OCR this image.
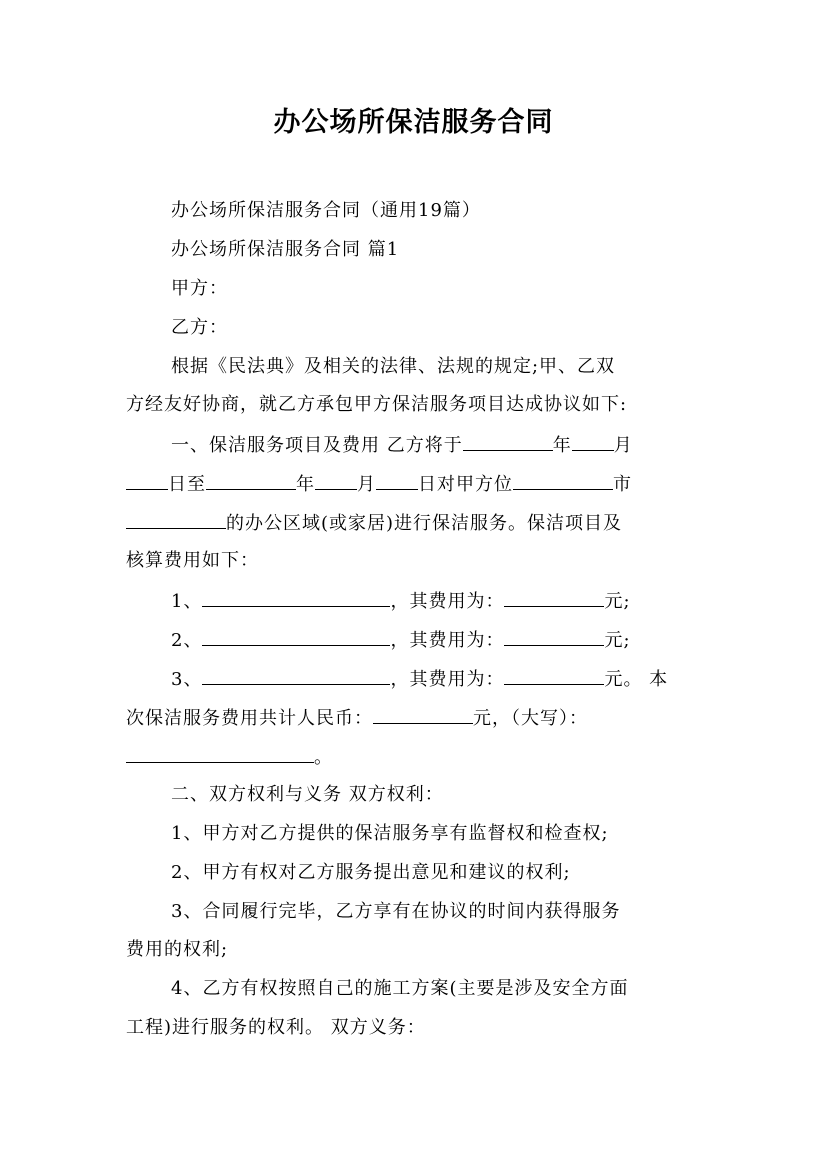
办公场所保洁服务合同
办公场所保洁服务合同（通用19篇）
办公场所保洁服务合同 篇1
甲方：
乙方：
根据《民法典》及相关的法律、法规的规定;甲、乙双
方经友好协商，就乙方承包甲方保洁服务项目达成协议如下:
一、保洁服务项目及费用 乙方将于	年 月
日至	年 月 日对甲方位	市
的办公区域(或家居)进行保洁服务。保洁项目及
核算费用如下：
1、	，其费用为：	元;
2、	，其费用为：	元;
3、	，其费用为：	元。 本
次保洁服务费用共计人民币：	元，（大写）：
。
二、双方权利与义务 双方权利：
1、甲方对乙方提供的保洁服务享有监督权和检查权;
2、甲方有权对乙方服务提出意见和建议的权利;
3、合同履行完毕，乙方享有在协议的时间内获得服务
费用的权利;
4、乙方有权按照自己的施工方案(主要是涉及安全方面
工程)进行服务的权利。 双方义务：
